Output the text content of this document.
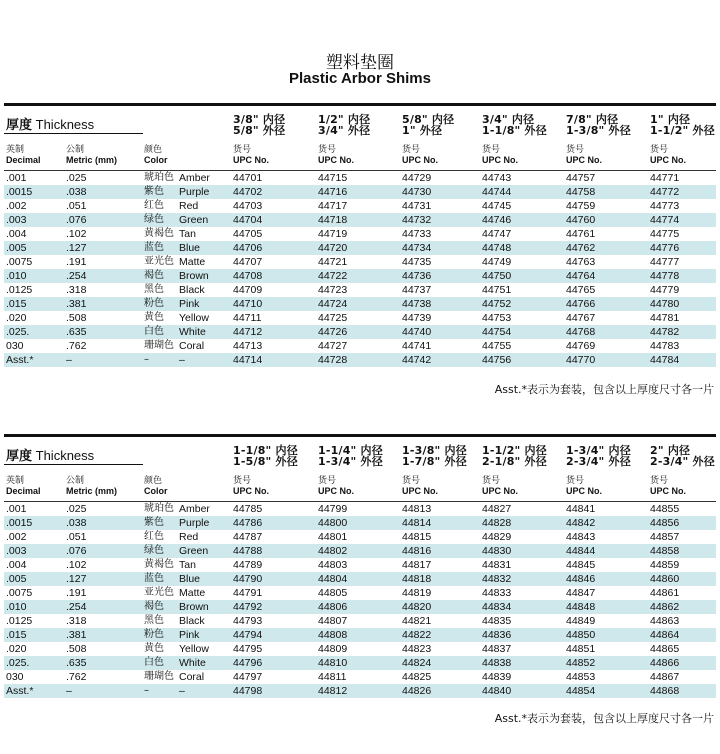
塑料垫圈
Plastic Arbor Shims
厚度 Thickness
英制
Decimal
公制
Metric (mm)
颜色
Color
3/8" 内径
5/8" 外径
货号
UPC No.
1/2" 内径
3/4" 外径
货号
UPC No.
5/8" 内径
1" 外径
货号
UPC No.
3/4" 内径
1-1/8" 外径
货号
UPC No.
7/8" 内径
1-3/8" 外径
货号
UPC No.
1" 内径
1-1/2" 外径
货号
UPC No.
.001	.025	琥珀色 Amber 44701	44715	44729	44743	44757	44771
.0015	.038	紫色 Purple 44702	44716	44730	44744	44758	44772
.002	.051	红色 Red	44703	44717	44731	44745	44759	44773
.003	.076	绿色 Green 44704	44718	44732	44746	44760	44774
.004	.102	黄褐色 Tan	44705	44719	44733	44747	44761	44775
.005	.127	蓝色 Blue	44706	44720	44734	44748	44762	44776
.0075	.191	亚光色 Matte	44707	44721	44735	44749	44763	44777
.010	.254	褐色 Brown 44708	44722	44736	44750	44764	44778
.0125	.318	黑色 Black	44709	44723	44737	44751	44765	44779
.015	.381	粉色 Pink	44710	44724	44738	44752	44766	44780
.020	.508	黄色 Yellow 44711	44725	44739	44753	44767	44781
.025.	.635	白色 White	44712	44726	44740	44754	44768	44782
030	.762	珊瑚色 Coral	44713	44727	44741	44755	44769	44783
Asst.*	–	–	–	44714	44728	44742	44756	44770	44784
Asst.*表示为套装，包含以上厚度尺寸各一片
厚度 Thickness
英制
Decimal
公制
Metric (mm)
颜色
Color
1-1/8" 内径
1-5/8" 外径
货号
UPC No.
1-1/4" 内径
1-3/4" 外径
货号
UPC No.
1-3/8" 内径
1-7/8" 外径
货号
UPC No.
1-1/2" 内径
2-1/8" 外径
货号
UPC No.
1-3/4" 内径
2-3/4" 外径
货号
UPC No.
2" 内径
2-3/4" 外径
货号
UPC No.
.001	.025	琥珀色 Amber 44785	44799	44813	44827	44841	44855
.0015	.038	紫色 Purple 44786	44800	44814	44828	44842	44856
.002	.051	红色 Red	44787	44801	44815	44829	44843	44857
.003	.076	绿色 Green 44788	44802	44816	44830	44844	44858
.004	.102	黄褐色 Tan	44789	44803	44817	44831	44845	44859
.005	.127	蓝色 Blue	44790	44804	44818	44832	44846	44860
.0075	.191	亚光色 Matte	44791	44805	44819	44833	44847	44861
.010	.254	褐色 Brown 44792	44806	44820	44834	44848	44862
.0125	.318	黑色 Black	44793	44807	44821	44835	44849	44863
.015	.381	粉色 Pink	44794	44808	44822	44836	44850	44864
.020	.508	黄色 Yellow 44795	44809	44823	44837	44851	44865
.025.	.635	白色 White	44796	44810	44824	44838	44852	44866
030	.762	珊瑚色 Coral	44797	44811	44825	44839	44853	44867
Asst.*	–	–	–	44798	44812	44826	44840	44854	44868
Asst.*表示为套装，包含以上厚度尺寸各一片
